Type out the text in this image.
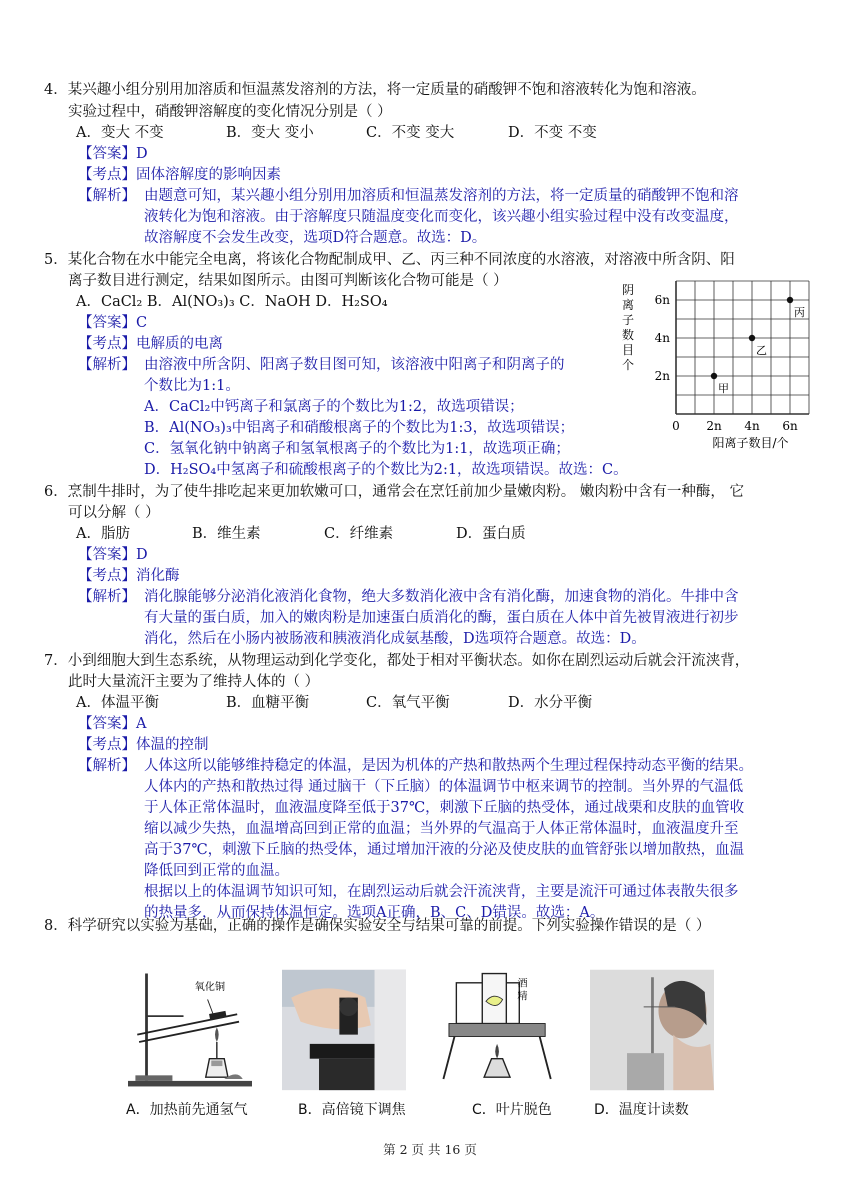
4．某兴趣小组分别用加溶质和恒温蒸发溶剂的方法，将一定质量的硝酸钾不饱和溶液转化为饱和溶液。
实验过程中，硝酸钾溶解度的变化情况分别是（ ）
A．变大 不变	B．变大 变小	C．不变 变大	D．不变 不变
【答案】D
【考点】固体溶解度的影响因素
【解析】 由题意可知，某兴趣小组分别用加溶质和恒温蒸发溶剂的方法，将一定质量的硝酸钾不饱和溶
液转化为饱和溶液。由于溶解度只随温度变化而变化，该兴趣小组实验过程中没有改变温度，
故溶解度不会发生改变，选项D符合题意。故选：D。
5．某化合物在水中能完全电离，将该化合物配制成甲、乙、丙三种不同浓度的水溶液，对溶液中所含阴、阳
离子数目进行测定，结果如图所示。由图可判断该化合物可能是（ ）
A．CaCl₂ B．Al(NO₃)₃ C．NaOH D．H₂SO₄
【答案】C
【考点】电解质的电离
【解析】 由溶液中所含阴、阳离子数目图可知，该溶液中阳离子和阴离子的
个数比为1:1。
A．CaCl₂中钙离子和氯离子的个数比为1:2，故选项错误；
B．Al(NO₃)₃中铝离子和硝酸根离子的个数比为1:3，故选项错误；
C．氢氧化钠中钠离子和氢氧根离子的个数比为1:1，故选项正确；
D．H₂SO₄中氢离子和硫酸根离子的个数比为2:1，故选项错误。故选：C。
0 2n 4n 6n
2n
4n
6n
甲
乙
丙
阳离子数目/个
阴
离
子
数
目
个
6．烹制牛排时，为了使牛排吃起来更加软嫩可口，通常会在烹饪前加少量嫩肉粉。 嫩肉粉中含有一种酶， 它
可以分解（ ）
A．脂肪	B．维生素	C．纤维素	D．蛋白质
【答案】D
【考点】消化酶
【解析】 消化腺能够分泌消化液消化食物，绝大多数消化液中含有消化酶，加速食物的消化。牛排中含
有大量的蛋白质，加入的嫩肉粉是加速蛋白质消化的酶，蛋白质在人体中首先被胃液进行初步
消化，然后在小肠内被肠液和胰液消化成氨基酸，D选项符合题意。故选：D。
7．小到细胞大到生态系统，从物理运动到化学变化，都处于相对平衡状态。如你在剧烈运动后就会汗流浃背，
此时大量流汗主要为了维持人体的（ ）
A．体温平衡	B．血糖平衡	C．氧气平衡	D．水分平衡
【答案】A
【考点】体温的控制
【解析】 人体这所以能够维持稳定的体温，是因为机体的产热和散热两个生理过程保持动态平衡的结果。
人体内的产热和散热过得 通过脑干（下丘脑）的体温调节中枢来调节的控制。当外界的气温低
于人体正常体温时，血液温度降至低于37℃，刺激下丘脑的热受体，通过战栗和皮肤的血管收
缩以减少失热，血温增高回到正常的血温；当外界的气温高于人体正常体温时，血液温度升至
高于37℃，刺激下丘脑的热受体，通过增加汗液的分泌及使皮肤的血管舒张以增加散热，血温
降低回到正常的血温。
根据以上的体温调节知识可知，在剧烈运动后就会汗流浃背，主要是流汗可通过体表散失很多
的热量多，从而保持体温恒定。选项A正确，B、C、D错误。故选：A。
8．科学研究以实验为基础，正确的操作是确保实验安全与结果可靠的前提。下列实验操作错误的是（ ）
氧化铜	酒
精
A．加热前先通氢气	B．高倍镜下调焦	C．叶片脱色	D．温度计读数
第 2 页 共 16 页
